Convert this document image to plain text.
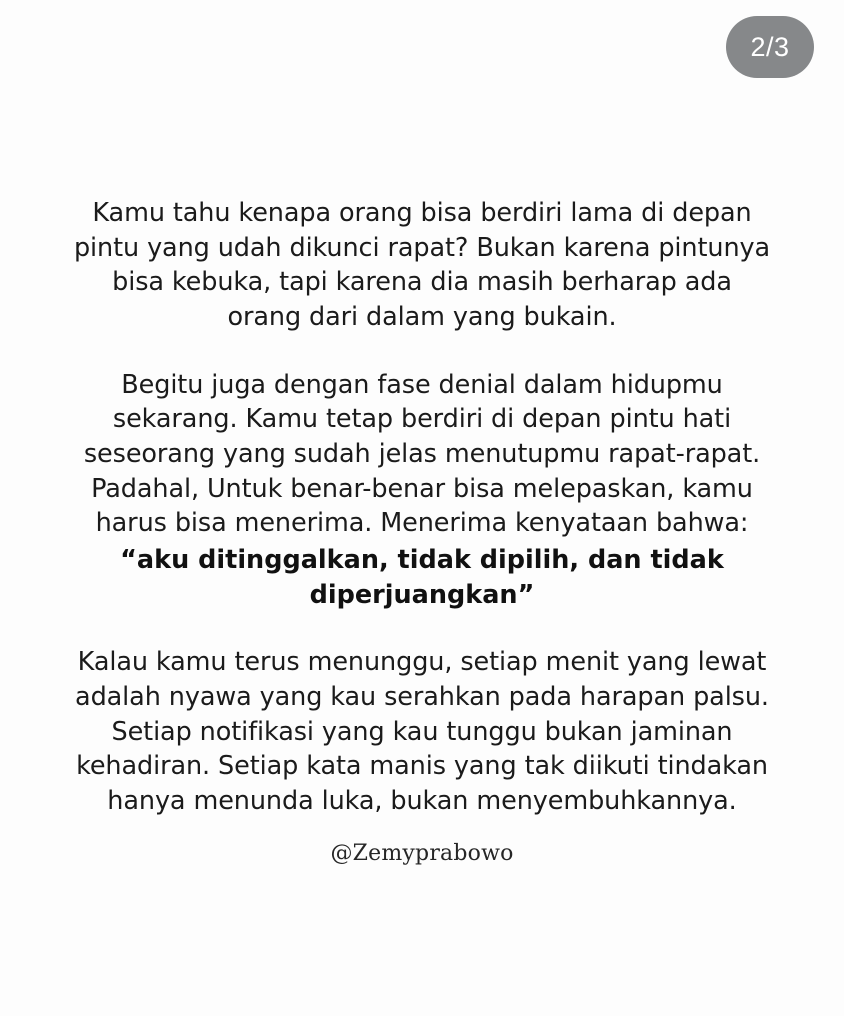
2/3

Kamu tahu kenapa orang bisa berdiri lama di depan pintu yang udah dikunci rapat? Bukan karena pintunya bisa kebuka, tapi karena dia masih berharap ada orang dari dalam yang bukain.

Begitu juga dengan fase denial dalam hidupmu sekarang. Kamu tetap berdiri di depan pintu hati seseorang yang sudah jelas menutupmu rapat-rapat. Padahal, Untuk benar-benar bisa melepaskan, kamu harus bisa menerima. Menerima kenyataan bahwa:

“aku ditinggalkan, tidak dipilih, dan tidak diperjuangkan”

Kalau kamu terus menunggu, setiap menit yang lewat adalah nyawa yang kau serahkan pada harapan palsu.

Setiap notifikasi yang kau tunggu bukan jaminan kehadiran. Setiap kata manis yang tak diikuti tindakan hanya menunda luka, bukan menyembuhkannya.

@Zemyprabowo
